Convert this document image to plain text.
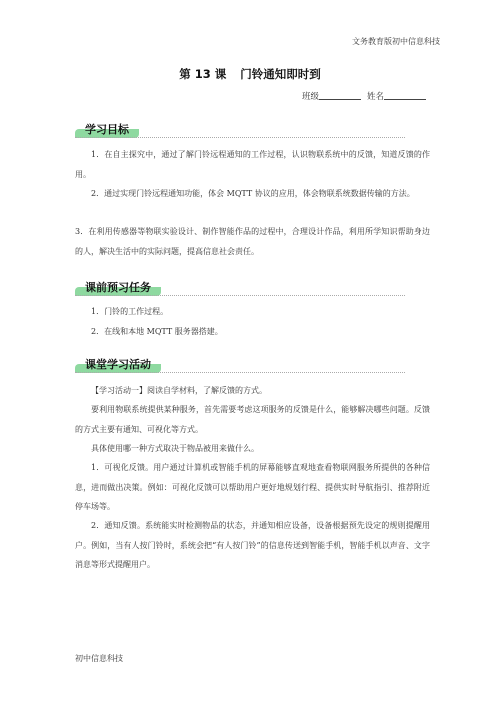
文务教育版初中信息科技
第 13 课 门铃通知即时到
班级	姓名
学习目标
1．在自主探究中，通过了解门铃远程通知的工作过程，认识物联系统中的反馈，知道反馈的作用。
2．通过实现门铃远程通知功能，体会 MQTT 协议的应用，体会物联系统数据传输的方法。
3．在利用传感器等物联实验设计、制作智能作品的过程中，合理设计作品，利用所学知识帮助身边的人，解决生活中的实际问题，提高信息社会责任。
课前预习任务
1．门铃的工作过程。
2．在线和本地 MQTT 服务器搭建。
课堂学习活动
【学习活动一】阅读自学材料，了解反馈的方式。
要利用物联系统提供某种服务，首先需要考虑这项服务的反馈是什么，能够解决哪些问题。反馈的方式主要有通知、可视化等方式。
具体使用哪一种方式取决于物品被用来做什么。
1．可视化反馈。用户通过计算机或智能手机的屏幕能够直观地查看物联网服务所提供的各种信息，进而做出决策。例如：可视化反馈可以帮助用户更好地规划行程、提供实时导航指引、推荐附近停车场等。
2．通知反馈。系统能实时检测物品的状态，并通知相应设备，设备根据预先设定的规则提醒用户。例如，当有人按门铃时，系统会把“有人按门铃”的信息传送到智能手机，智能手机以声音、文字消息等形式提醒用户。
初中信息科技
